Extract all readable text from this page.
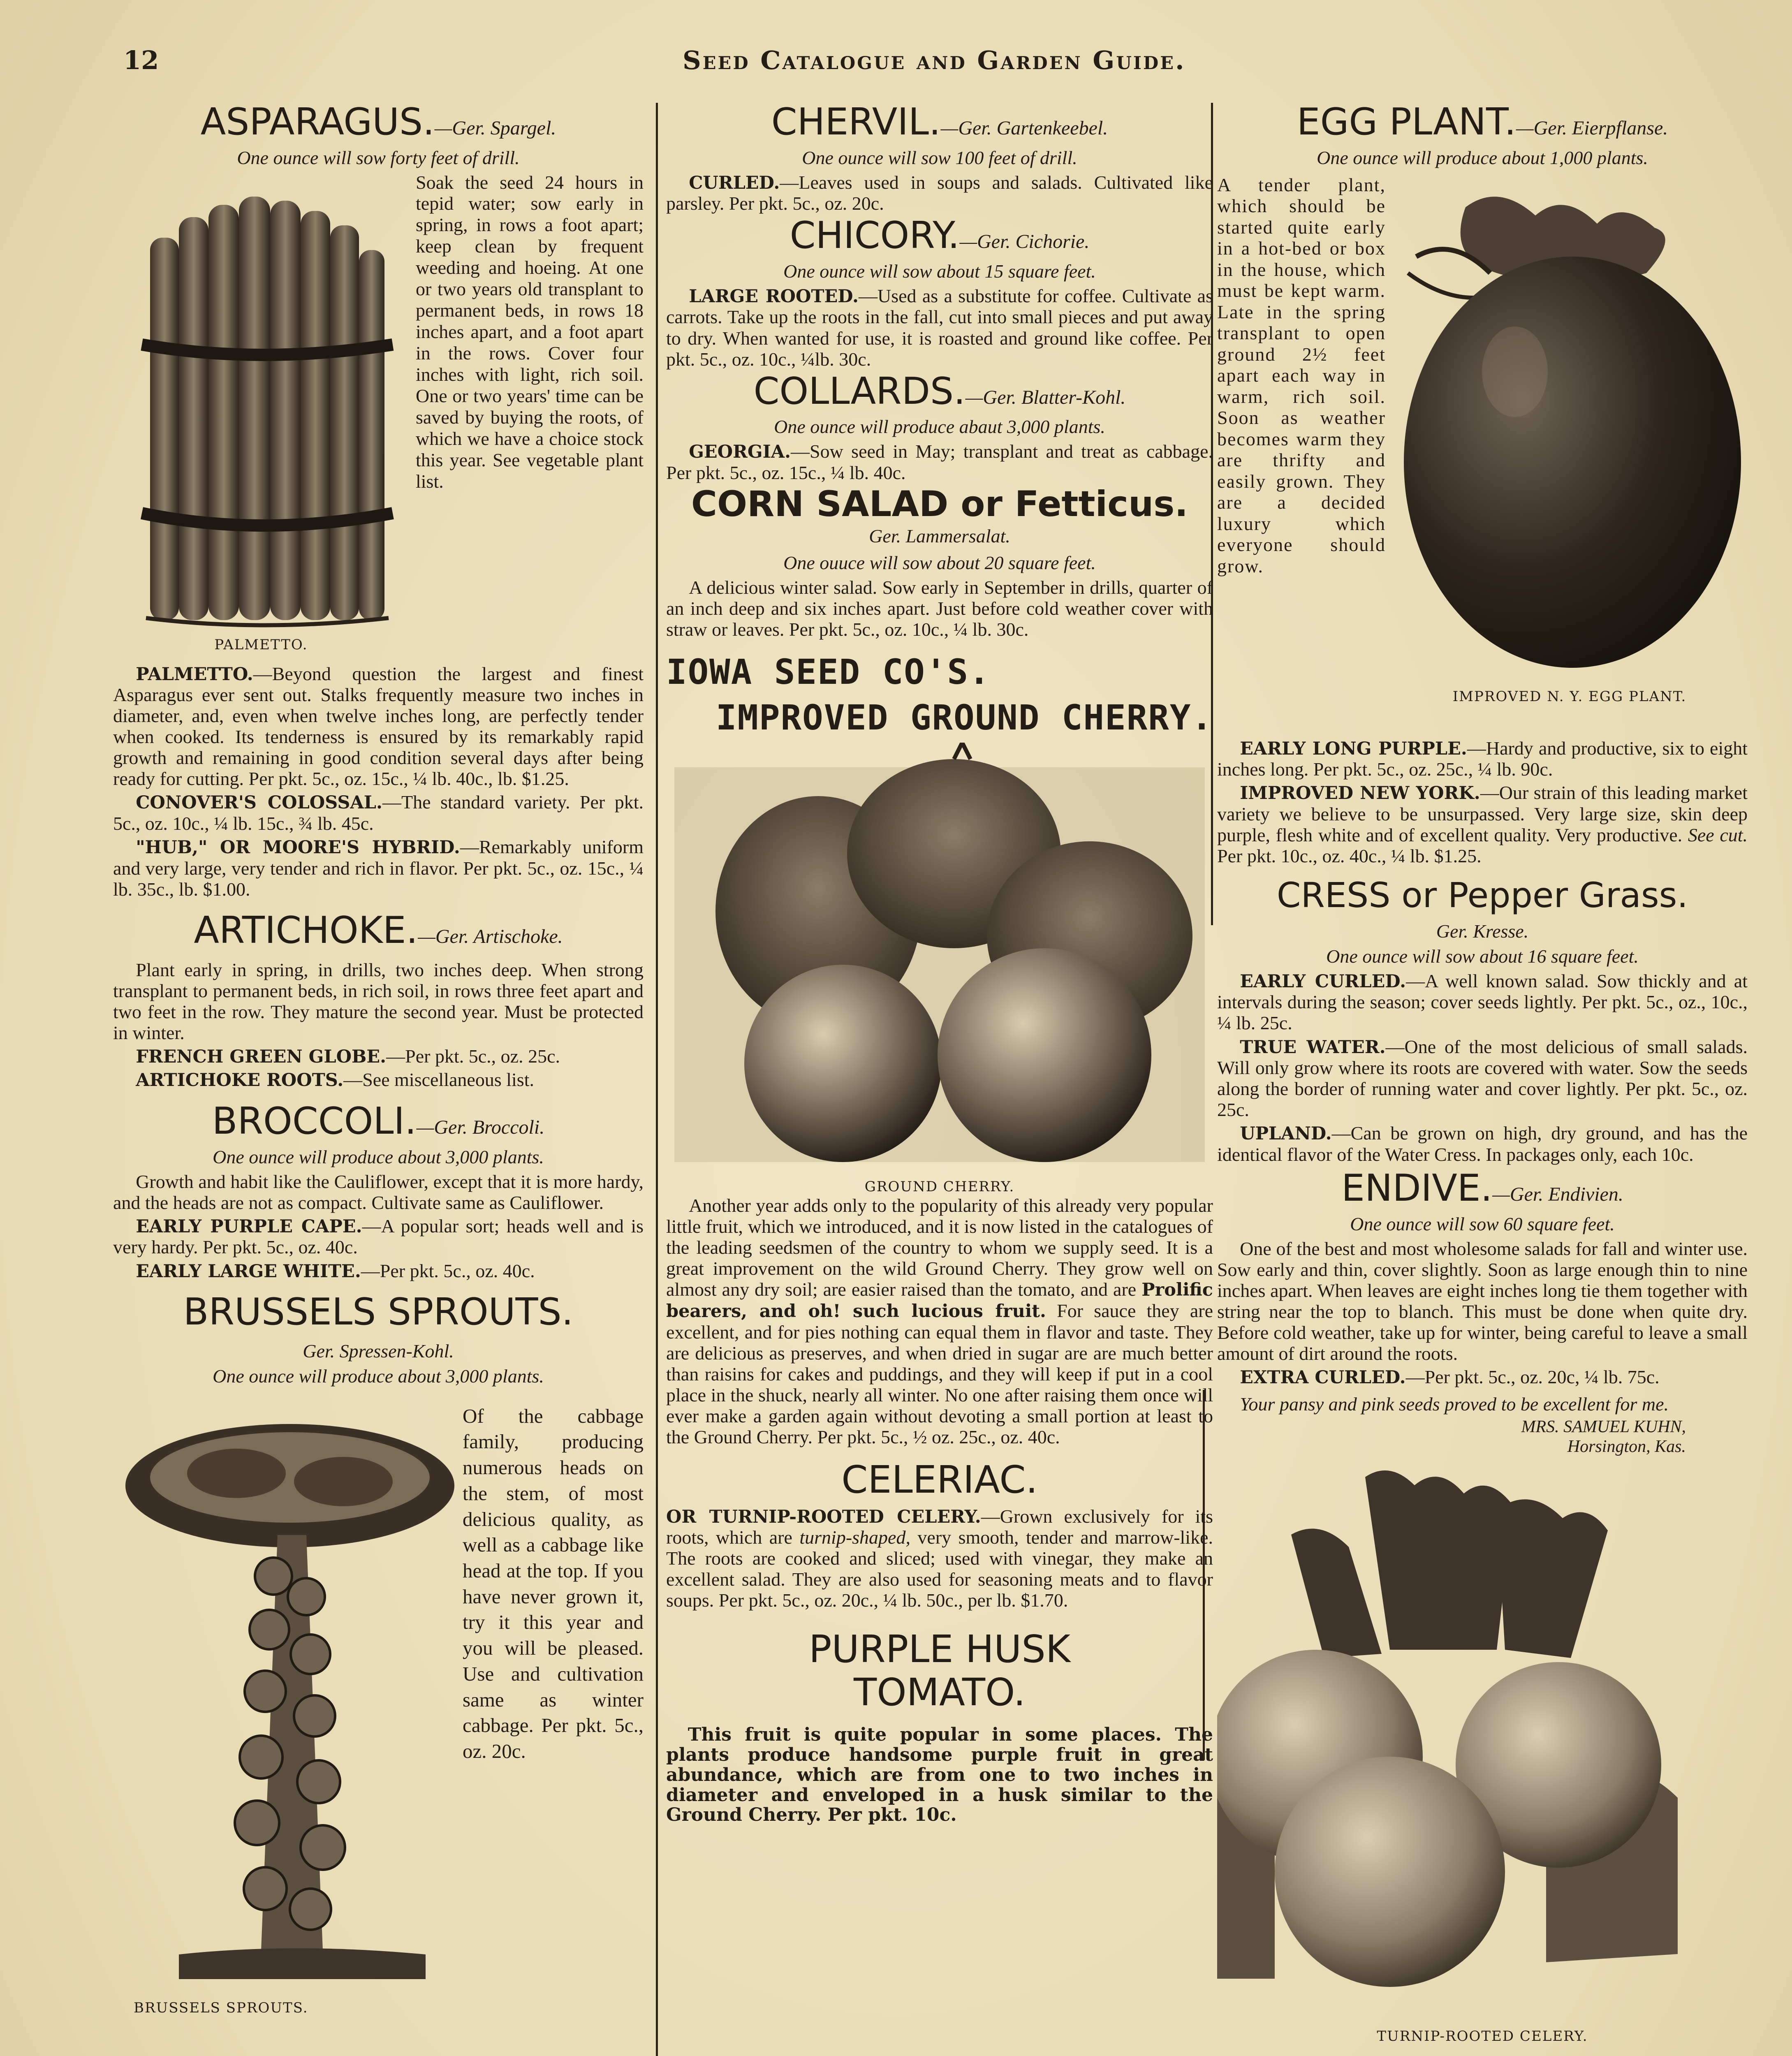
12	Seed Catalogue and Garden Guide.
ASPARAGUS.—Ger. Spargel.
One ounce will sow forty feet of drill.
PALMETTO.

Soak the seed 24 hours in tepid water; sow early in spring, in rows a foot apart; keep clean by frequent weeding and hoeing. At one or two years old transplant to permanent beds, in rows 18 inches apart, and a foot apart in the rows. Cover four inches with light, rich soil. One or two years' time can be saved by buying the roots, of which we have a choice stock this year. See vegetable plant list.

PALMETTO.—Beyond question the largest and finest Asparagus ever sent out. Stalks frequently measure two inches in diameter, and, even when twelve inches long, are perfectly tender when cooked. Its tenderness is ensured by its remarkably rapid growth and remaining in good condition several days after being ready for cutting. Per pkt. 5c., oz. 15c., ¼ lb. 40c., lb. $1.25.

CONOVER'S COLOSSAL.—The standard variety. Per pkt. 5c., oz. 10c., ¼ lb. 15c., ¾ lb. 45c.

"HUB," OR MOORE'S HYBRID.—Remarkably uniform and very large, very tender and rich in flavor. Per pkt. 5c., oz. 15c., ¼ lb. 35c., lb. $1.00.

ARTICHOKE.—Ger. Artischoke.

Plant early in spring, in drills, two inches deep. When strong transplant to permanent beds, in rich soil, in rows three feet apart and two feet in the row. They mature the second year. Must be protected in winter.

FRENCH GREEN GLOBE.—Per pkt. 5c., oz. 25c.

ARTICHOKE ROOTS.—See miscellaneous list.

BROCCOLI.—Ger. Broccoli.
One ounce will produce about 3,000 plants.

Growth and habit like the Cauliflower, except that it is more hardy, and the heads are not as compact. Cultivate same as Cauliflower.

EARLY PURPLE CAPE.—A popular sort; heads well and is very hardy. Per pkt. 5c., oz. 40c.

EARLY LARGE WHITE.—Per pkt. 5c., oz. 40c.

BRUSSELS SPROUTS.
Ger. Spressen-Kohl.
One ounce will produce about 3,000 plants.
BRUSSELS SPROUTS.

Of the cabbage family, producing numerous heads on the stem, of most delicious quality, as well as a cabbage like head at the top. If you have never grown it, try it this year and you will be pleased. Use and cultivation same as winter cabbage. Per pkt. 5c., oz. 20c.

CHERVIL.—Ger. Gartenkeebel.
One ounce will sow 100 feet of drill.

CURLED.—Leaves used in soups and salads. Cultivated like parsley. Per pkt. 5c., oz. 20c.

CHICORY.—Ger. Cichorie.
One ounce will sow about 15 square feet.

LARGE ROOTED.—Used as a substitute for coffee. Cultivate as carrots. Take up the roots in the fall, cut into small pieces and put away to dry. When wanted for use, it is roasted and ground like coffee. Per pkt. 5c., oz. 10c., ¼lb. 30c.

COLLARDS.—Ger. Blatter-Kohl.
One ounce will produce abaut 3,000 plants.

GEORGIA.—Sow seed in May; transplant and treat as cabbage. Per pkt. 5c., oz. 15c., ¼ lb. 40c.

CORN SALAD or Fetticus.
Ger. Lammersalat.
One ouuce will sow about 20 square feet.

A delicious winter salad. Sow early in September in drills, quarter of an inch deep and six inches apart. Just before cold weather cover with straw or leaves. Per pkt. 5c., oz. 10c., ¼ lb. 30c.

IOWA SEED CO'S.
IMPROVED GROUND CHERRY.
GROUND CHERRY.

Another year adds only to the popularity of this already very popular little fruit, which we introduced, and it is now listed in the catalogues of the leading seedsmen of the country to whom we supply seed. It is a great improvement on the wild Ground Cherry. They grow well on almost any dry soil; are easier raised than the tomato, and are Prolific bearers, and oh! such lucious fruit. For sauce they are excellent, and for pies nothing can equal them in flavor and taste. They are delicious as preserves, and when dried in sugar are are much better than raisins for cakes and puddings, and they will keep if put in a cool place in the shuck, nearly all winter. No one after raising them once will ever make a garden again without devoting a small portion at least to the Ground Cherry. Per pkt. 5c., ½ oz. 25c., oz. 40c.

CELERIAC.

OR TURNIP-ROOTED CELERY.—Grown exclusively for its roots, which are turnip-shaped, very smooth, tender and marrow-like. The roots are cooked and sliced; used with vinegar, they make an excellent salad. They are also used for seasoning meats and to flavor soups. Per pkt. 5c., oz. 20c., ¼ lb. 50c., per lb. $1.70.

PURPLE HUSK
TOMATO.

This fruit is quite popular in some places. The plants produce handsome purple fruit in great abundance, which are from one to two inches in diameter and enveloped in a husk similar to the Ground Cherry. Per pkt. 10c.

EGG PLANT.—Ger. Eierpflanse.
One ounce will produce about 1,000 plants.

A tender plant, which should be started quite early in a hot-bed or box in the house, which must be kept warm. Late in the spring transplant to open ground 2½ feet apart each way in warm, rich soil. Soon as weather becomes warm they are thrifty and easily grown. They are a decided luxury which everyone should grow.

IMPROVED N. Y. EGG PLANT.

EARLY LONG PURPLE.—Hardy and productive, six to eight inches long. Per pkt. 5c., oz. 25c., ¼ lb. 90c.

IMPROVED NEW YORK.—Our strain of this leading market variety we believe to be unsurpassed. Very large size, skin deep purple, flesh white and of excellent quality. Very productive. See cut. Per pkt. 10c., oz. 40c., ¼ lb. $1.25.

CRESS or Pepper Grass.
Ger. Kresse.
One ounce will sow about 16 square feet.

EARLY CURLED.—A well known salad. Sow thickly and at intervals during the season; cover seeds lightly. Per pkt. 5c., oz., 10c., ¼ lb. 25c.

TRUE WATER.—One of the most delicious of small salads. Will only grow where its roots are covered with water. Sow the seeds along the border of running water and cover lightly. Per pkt. 5c., oz. 25c.

UPLAND.—Can be grown on high, dry ground, and has the identical flavor of the Water Cress. In packages only, each 10c.

ENDIVE.—Ger. Endivien.
One ounce will sow 60 square feet.

One of the best and most wholesome salads for fall and winter use. Sow early and thin, cover slightly. Soon as large enough thin to nine inches apart. When leaves are eight inches long tie them together with string near the top to blanch. This must be done when quite dry. Before cold weather, take up for winter, being careful to leave a small amount of dirt around the roots.

EXTRA CURLED.—Per pkt. 5c., oz. 20c, ¼ lb. 75c.

Your pansy and pink seeds proved to be excellent for me.

MRS. SAMUEL KUHN,
Horsington, Kas.
TURNIP-ROOTED CELERY.
